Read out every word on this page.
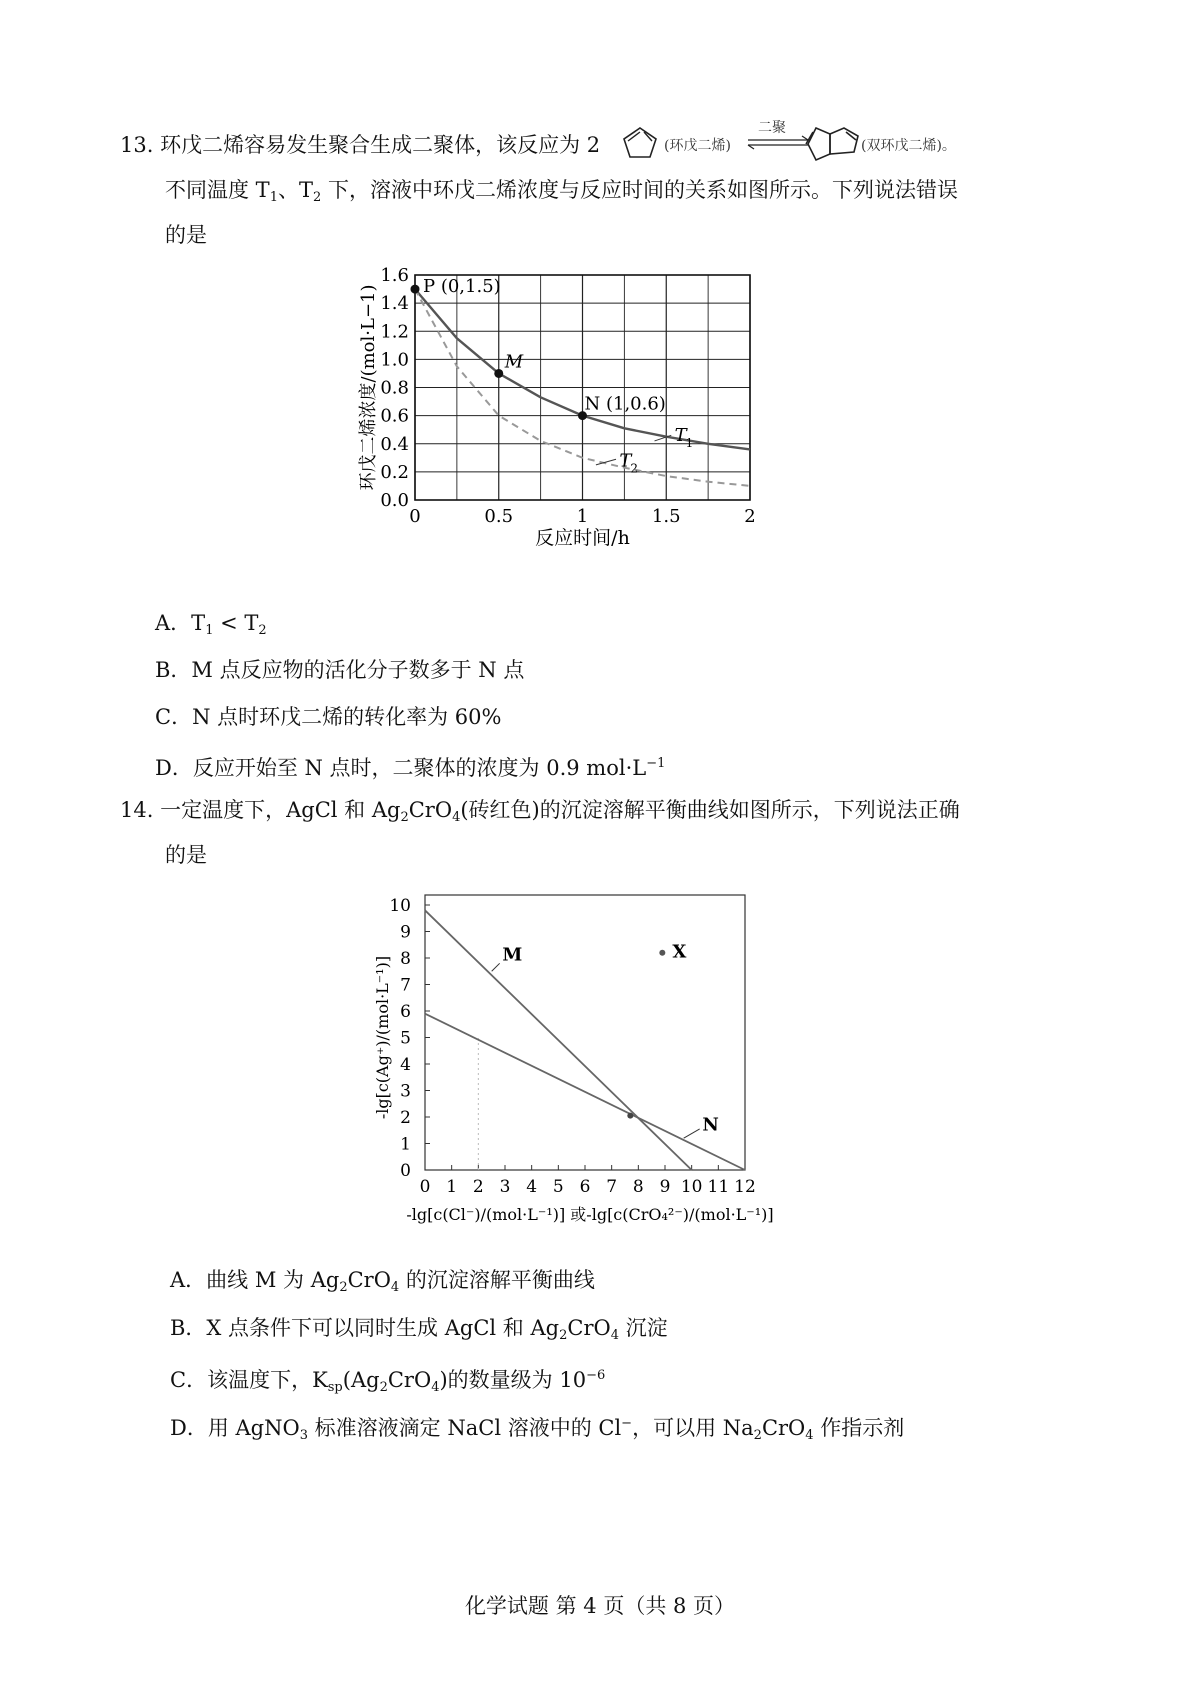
13. 环戊二烯容易发生聚合生成二聚体，该反应为 2	(环戊二烯)
二聚
(双环戊二烯)。
不同温度 $T_1$、$T_2$ 下，溶液中环戊二烯浓度与反应时间的关系如图所示。下列说法错误
的是
0.0
0.2
0.4
0.6
0.8
1.0
1.2
1.4
1.6
0	0.5	1	1.5	2
反应时间/h
环戊二烯浓度/(mol·L−1) P (0,1.5)
M
N (1,0.6)
T
1
T
2
A．$T_1 < T_2$
B．M 点反应物的活化分子数多于 N 点
C．N 点时环戊二烯的转化率为 60%
D．反应开始至 N 点时，二聚体的浓度为 0.9 $mol\cdot L^{-1}$
14. 一定温度下，AgCl 和 $Ag_2CrO_4$(砖红色)的沉淀溶解平衡曲线如图所示，下列说法正确
的是
0
1
2
3
4
5
6
7
8
9
10
0 1 2 3 4 5 6 7 8 9 10 11 12
-lg[c(Cl⁻)/(mol·L⁻¹)] 或-lg[c(CrO₄²⁻)/(mol·L⁻¹)]
-lg[c(Ag⁺)/(mol·L⁻¹)]
M
N
X
A．曲线 M 为 $Ag_2CrO_4$ 的沉淀溶解平衡曲线
B．X 点条件下可以同时生成 AgCl 和 $Ag_2CrO_4$ 沉淀
C．该温度下，$K_{sp}(Ag_2CrO_4)$的数量级为 $10^{-6}$
D．用 AgNO$_3$ 标准溶液滴定 NaCl 溶液中的 Cl−，可以用 $Na_2CrO_4$ 作指示剂
化学试题 第 4 页（共 8 页）
